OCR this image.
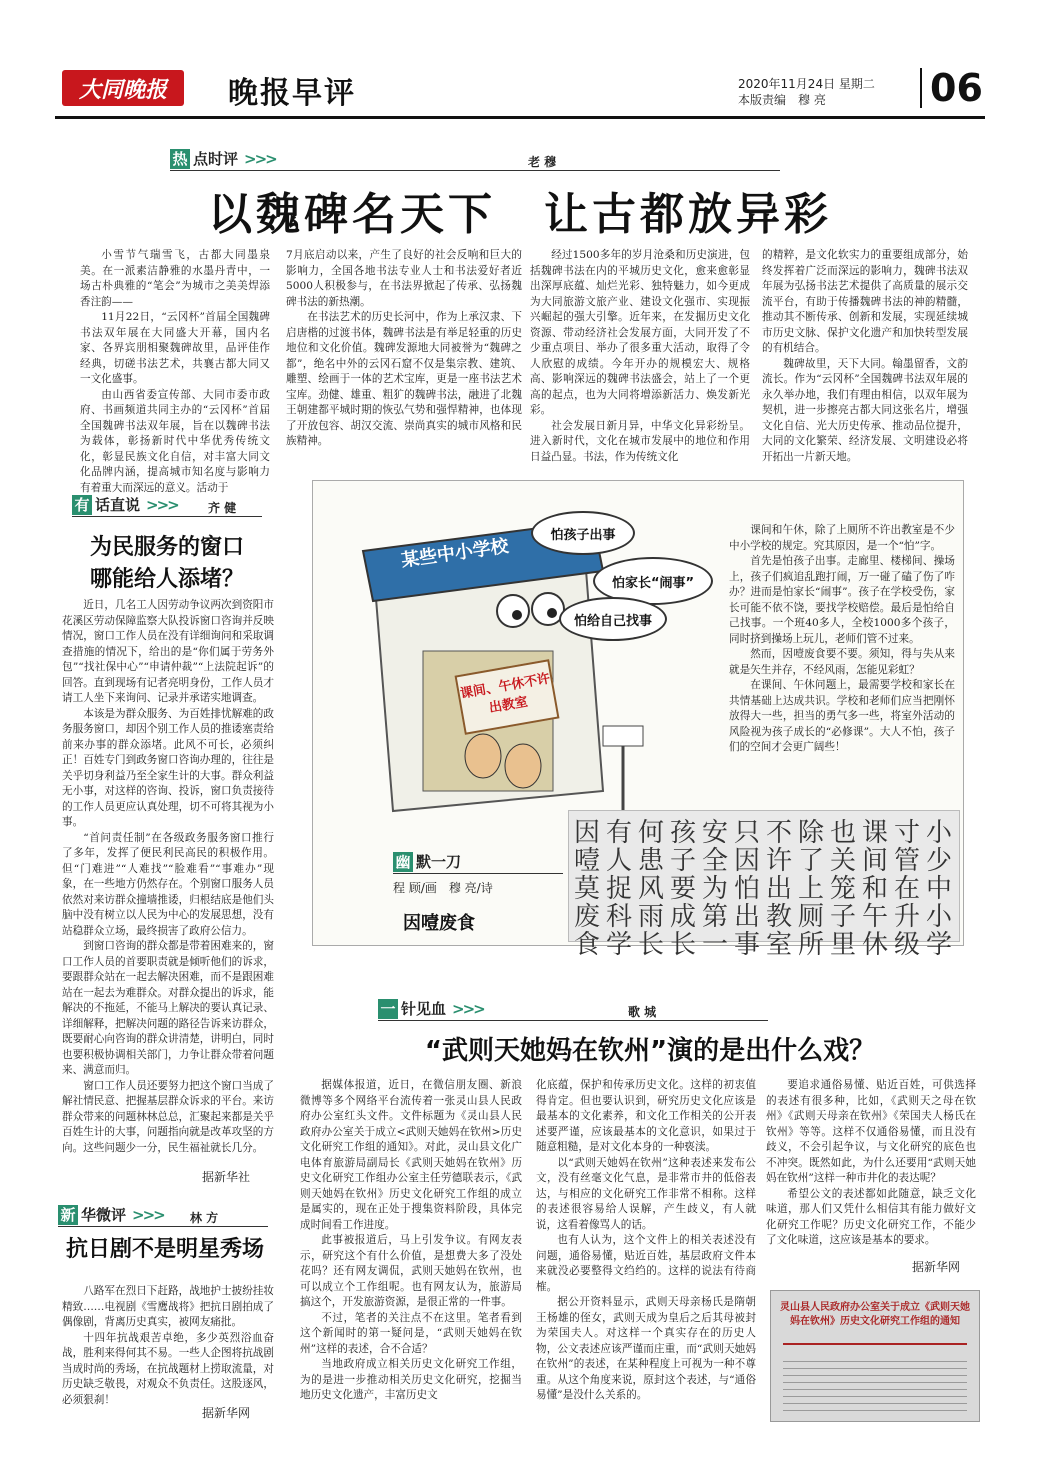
大同晚报	晚报早评	2020年11月24日 星期二
本版责编　穆 亮	06
热 点时评 >>>	老 穆
以魏碑名天下　让古都放异彩

小雪节气瑞雪飞，古都大同墨泉美。在一派素洁静雅的水墨丹青中，一场古朴典雅的“笔会”为城市之美美焊添香注韵——

11月22日，“云冈杯”首届全国魏碑书法双年展在大同盛大开幕，国内名家、各界宾朋相聚魏碑故里，品评佳作经典，切磋书法艺术，共襄古都大同又一文化盛事。

由山西省委宣传部、大同市委市政府、书画频道共同主办的“云冈杯”首届全国魏碑书法双年展，旨在以魏碑书法为载体，彰扬新时代中华优秀传统文化，彰显民族文化自信，对丰富大同文化品牌内涵，提高城市知名度与影响力有着重大而深远的意义。活动于

7月底启动以来，产生了良好的社会反响和巨大的影响力，全国各地书法专业人士和书法爱好者近5000人积极参与，在书法界掀起了传承、弘扬魏碑书法的新热潮。

在书法艺术的历史长河中，作为上承汉隶、下启唐楷的过渡书体，魏碑书法是有举足轻重的历史地位和文化价值。魏碑发源地大同被誉为“魏碑之都”，绝名中外的云冈石窟不仅是集宗教、建筑、雕塑、绘画于一体的艺术宝库，更是一座书法艺术宝库。劲健、雄重、粗犷的魏碑书法，融进了北魏王朝建都平城时期的恢弘气势和强悍精神，也体现了开放包容、胡汉交流、崇尚真实的城市风格和民族精神。

经过1500多年的岁月沧桑和历史演进，包括魏碑书法在内的平城历史文化，愈来愈彰显出深厚底蕴、灿烂光彩、独特魅力，如今更成为大同旅游文旅产业、建设文化强市、实现振兴崛起的强大引擎。近年来，在发掘历史文化资源、带动经济社会发展方面，大同开发了不少重点项目、举办了很多重大活动，取得了令人欣慰的成绩。今年开办的规模宏大、规格高、影响深远的魏碑书法盛会，站上了一个更高的起点，也为大同将增添新活力、焕发新光彩。

社会发展日新月异，中华文化异彩纷呈。进入新时代，文化在城市发展中的地位和作用日益凸显。书法，作为传统文化

的精粹，是文化软实力的重要组成部分，始终发挥着广泛而深远的影响力，魏碑书法双年展为弘扬书法艺术提供了高质量的展示交流平台，有助于传播魏碑书法的神韵精髓，推动其不断传承、创新和发展，实现延续城市历史文脉、保护文化遗产和加快转型发展的有机结合。

魏碑故里，天下大同。翰墨留香，文韵流长。作为“云冈杯”全国魏碑书法双年展的永久举办地，我们有理由相信，以双年展为契机，进一步擦亮古都大同这张名片，增强文化自信、光大历史传承、推动品位提升，大同的文化繁荣、经济发展、文明建设必将开拓出一片新天地。

有 话直说 >>>	齐 健
为民服务的窗口
哪能给人添堵？

近日，几名工人因劳动争议两次到资阳市花溪区劳动保障监察大队投诉窗口咨询并反映情况，窗口工作人员在没有详细询问和采取调查措施的情况下，给出的是“你们属于劳务外包”“找社保中心”“申请仲裁”“上法院起诉”的回答。直到现场有记者亮明身份，工作人员才请工人坐下来询问、记录并承诺实地调查。

本该是为群众服务、为百姓排忧解难的政务服务窗口，却因个别工作人员的推诿塞责给前来办事的群众添堵。此风不可长，必须纠正！百姓专门到政务窗口咨询办理的，往往是关乎切身利益乃至全家生计的大事。群众利益无小事，对这样的咨询、投诉，窗口负责接待的工作人员更应认真处理，切不可将其视为小事。

“首问责任制”在各级政务服务窗口推行了多年，发挥了便民利民高民的积极作用。但“门难进”“人难找”“脸难看”“事难办”现象，在一些地方仍然存在。个别窗口服务人员依然对来访群众撞墙推诿，归根结底是他们头脑中没有树立以人民为中心的发展思想，没有站稳群众立场，最终损害了政府公信力。

到窗口咨询的群众都是带着困难来的，窗口工作人员的首要职责就是倾听他们的诉求，要跟群众站在一起去解决困难，而不是跟困难站在一起去为难群众。对群众提出的诉求，能解决的不拖延，不能马上解决的要认真记录、详细解释，把解决问题的路径告诉来访群众，既要耐心向咨询的群众讲清楚，讲明白，同时也要积极协调相关部门，力争让群众带着问题来、满意而归。

窗口工作人员还要努力把这个窗口当成了解社情民意、把握基层群众诉求的平台。来访群众带来的问题林林总总，汇聚起来都是关乎百姓生计的大事，问题指向就是改革攻坚的方向。这些问题少一分，民生福祉就长几分。

据新华社
新 华微评 >>> 林 方
抗日剧不是明星秀场

八路军在烈日下赶路，战地护士披纷挂妆精致……电视剧《雪鹰战将》把抗日剧拍成了偶像剧，背离历史真实，被网友痛批。

十四年抗战艰苦卓绝，多少英烈浴血奋战，胜利来得何其不易。一些人企图将抗战剧当成时尚的秀场，在抗战题材上捞取流量，对历史缺乏敬畏，对观众不负责任。这股逐风，必须狠刹！

据新华网
某些中小学校
怕孩子出事
怕家长“闹事”
怕给自己找事
课间、午休不许出教室

课间和午休，除了上厕所不许出教室是不少中小学校的规定。究其原因，是一个“怕”字。

首先是怕孩子出事。走廊里、楼梯间、操场上，孩子们疯追乱跑打闹，万一碰了磕了伤了咋办？进而是怕家长“闹事”。孩子在学校受伤，家长可能不依不饶，要找学校赔偿。最后是怕给自己找事。一个班40多人，全校1000多个孩子，同时挤到操场上玩儿，老师们管不过来。

然而，因噎废食要不要。须知，得与失从来就是矢生并存，不经风雨，怎能见彩虹？

在课间、午休问题上，最需要学校和家长在共情基础上达成共识。学校和老师们应当把刚怀放得大一些，担当的勇气多一些，将室外活动的风险视为孩子成长的“必修课”。大人不怕，孩子们的空间才会更广阔些！

幽 默一刀
程 顾/画　穆 亮/诗
因噎废食
小少中小学
寸管在升级
课间和午休
也关笼子里
除了上厕所
不许出教室
只因怕出事
安全为第一
孩子要成长
何患风雨长
有人捉科学
因噎莫废食
一 针见血 >>>	歌 城
“武则天她妈在钦州”演的是出什么戏？

据媒体报道，近日，在微信朋友圈、新浪微博等多个网络平台流传着一张灵山县人民政府办公室红头文件。文件标题为《灵山县人民政府办公室关于成立<武则天她妈在钦州>历史文化研究工作组的通知》。对此，灵山县文化广电体育旅游局副局长《武则天她妈在钦州》历史文化研究工作组办公室主任劳德联表示，《武则天她妈在钦州》历史文化研究工作组的成立是属实的，现在正处于搜集资料阶段，具体完成时间看工作进度。

此事被报道后，马上引发争议。有网友表示，研究这个有什么价值，是想费大多了没处花吗？还有网友调侃，武则天她妈在钦州，也可以成立个工作组呢。也有网友认为，旅游局搞这个，开发旅游资源，是很正常的一件事。

不过，笔者的关注点不在这里。笔者看到这个新闻时的第一疑问是，“武则天她妈在钦州”这样的表述，合不合适？

当地政府成立相关历史文化研究工作组，为的是进一步推动相关历史文化研究，挖掘当地历史文化遗产，丰富历史文

化底蕴，保护和传承历史文化。这样的初衷值得肯定。但也要认识到，研究历史文化应该是最基本的文化素养，和文化工作相关的公开表述要严谨，应该最基本的文化意识，如果过于随意粗糙，是对文化本身的一种亵渎。

以“武则天她妈在钦州”这种表述来发布公文，没有丝毫文化气息，是非常市井的低俗表达，与相应的文化研究工作非常不相称。这样的表述很容易给人误解，产生歧义，有人就说，这看着像骂人的话。

也有人认为，这个文件上的相关表述没有问题，通俗易懂，贴近百姓，基层政府文件本来就没必要整得文绉绉的。这样的说法有待商榷。

据公开资料显示，武则天母亲杨氏是隋朝王杨雄的侄女，武则天成为皇后之后其母被封为荣国夫人。对这样一个真实存在的历史人物，公文表述应该严谨而庄重，而“武则天她妈在钦州”的表述，在某种程度上可视为一种不尊重。从这个角度来说，原封这个表述，与“通俗易懂”是没什么关系的。

要追求通俗易懂、贴近百姓，可供选择的表述有很多种，比如，《武则天之母在钦州》《武则天母亲在钦州》《荣国夫人杨氏在钦州》等等。这样不仅通俗易懂，而且没有歧义，不会引起争议，与文化研究的底色也不冲突。既然如此，为什么还要用“武则天她妈在钦州”这样一种市井化的表达呢？

希望公文的表述都如此随意，缺乏文化味道，那人们又凭什么相信其有能力做好文化研究工作呢？历史文化研究工作，不能少了文化味道，这应该是基本的要求。

据新华网
灵山县人民政府办公室关于成立《武则天她妈在钦州》历史文化研究工作组的通知
